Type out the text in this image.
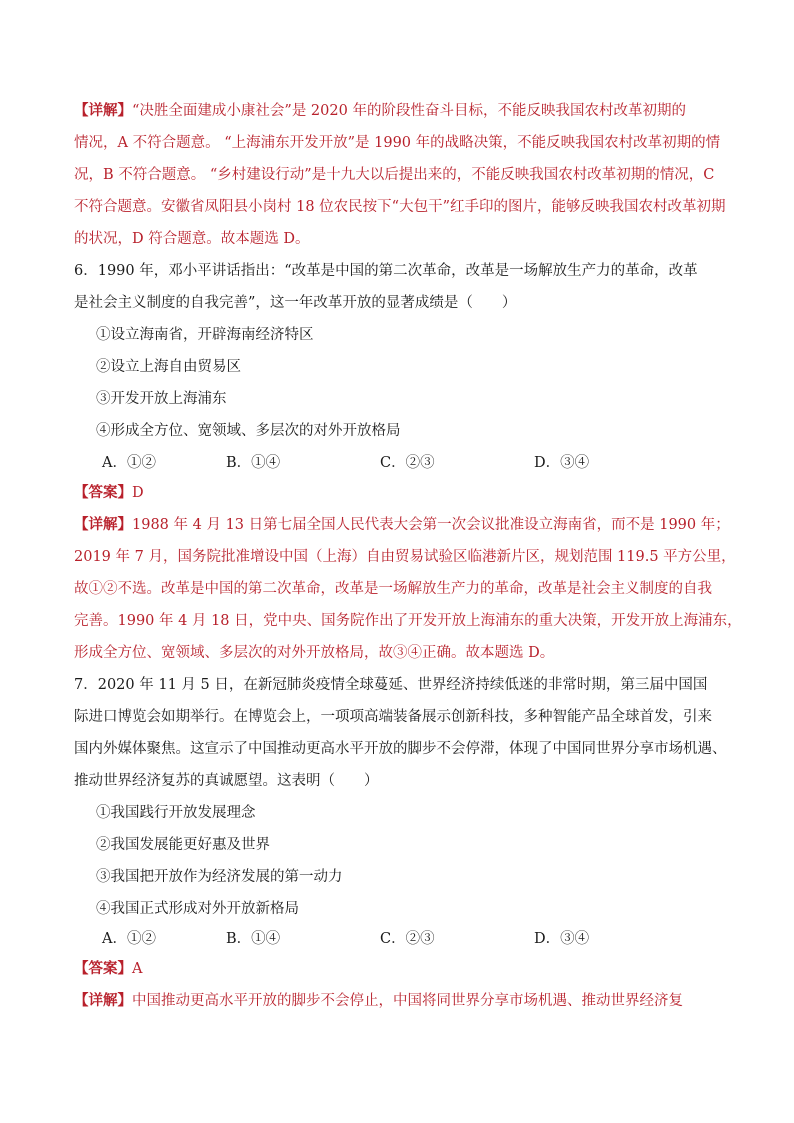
【详解】“决胜全面建成小康社会”是 2020 年的阶段性奋斗目标，不能反映我国农村改革初期的
情况，A 不符合题意。 “上海浦东开发开放”是 1990 年的战略决策，不能反映我国农村改革初期的情
况，B 不符合题意。 “乡村建设行动”是十九大以后提出来的，不能反映我国农村改革初期的情况，C
不符合题意。安徽省凤阳县小岗村 18 位农民按下“大包干”红手印的图片，能够反映我国农村改革初期
的状况，D 符合题意。故本题选 D。
6．1990 年，邓小平讲话指出：“改革是中国的第二次革命，改革是一场解放生产力的革命，改革
是社会主义制度的自我完善”，这一年改革开放的显著成绩是（　　）
①设立海南省，开辟海南经济特区
②设立上海自由贸易区
③开发开放上海浦东
④形成全方位、宽领域、多层次的对外开放格局
A．①②	B．①④	C．②③	D．③④
【答案】D
【详解】1988 年 4 月 13 日第七届全国人民代表大会第一次会议批准设立海南省，而不是 1990 年；
2019 年 7 月，国务院批准增设中国（上海）自由贸易试验区临港新片区，规划范围 119.5 平方公里，
故①②不选。改革是中国的第二次革命，改革是一场解放生产力的革命，改革是社会主义制度的自我
完善。1990 年 4 月 18 日，党中央、国务院作出了开发开放上海浦东的重大决策，开发开放上海浦东，
形成全方位、宽领域、多层次的对外开放格局，故③④正确。故本题选 D。
7．2020 年 11 月 5 日，在新冠肺炎疫情全球蔓延、世界经济持续低迷的非常时期，第三届中国国
际进口博览会如期举行。在博览会上，一项项高端装备展示创新科技，多种智能产品全球首发，引来
国内外媒体聚焦。这宣示了中国推动更高水平开放的脚步不会停滞，体现了中国同世界分享市场机遇、
推动世界经济复苏的真诚愿望。这表明（　　）
①我国践行开放发展理念
②我国发展能更好惠及世界
③我国把开放作为经济发展的第一动力
④我国正式形成对外开放新格局
A．①②	B．①④	C．②③	D．③④
【答案】A
【详解】中国推动更高水平开放的脚步不会停止，中国将同世界分享市场机遇、推动世界经济复
